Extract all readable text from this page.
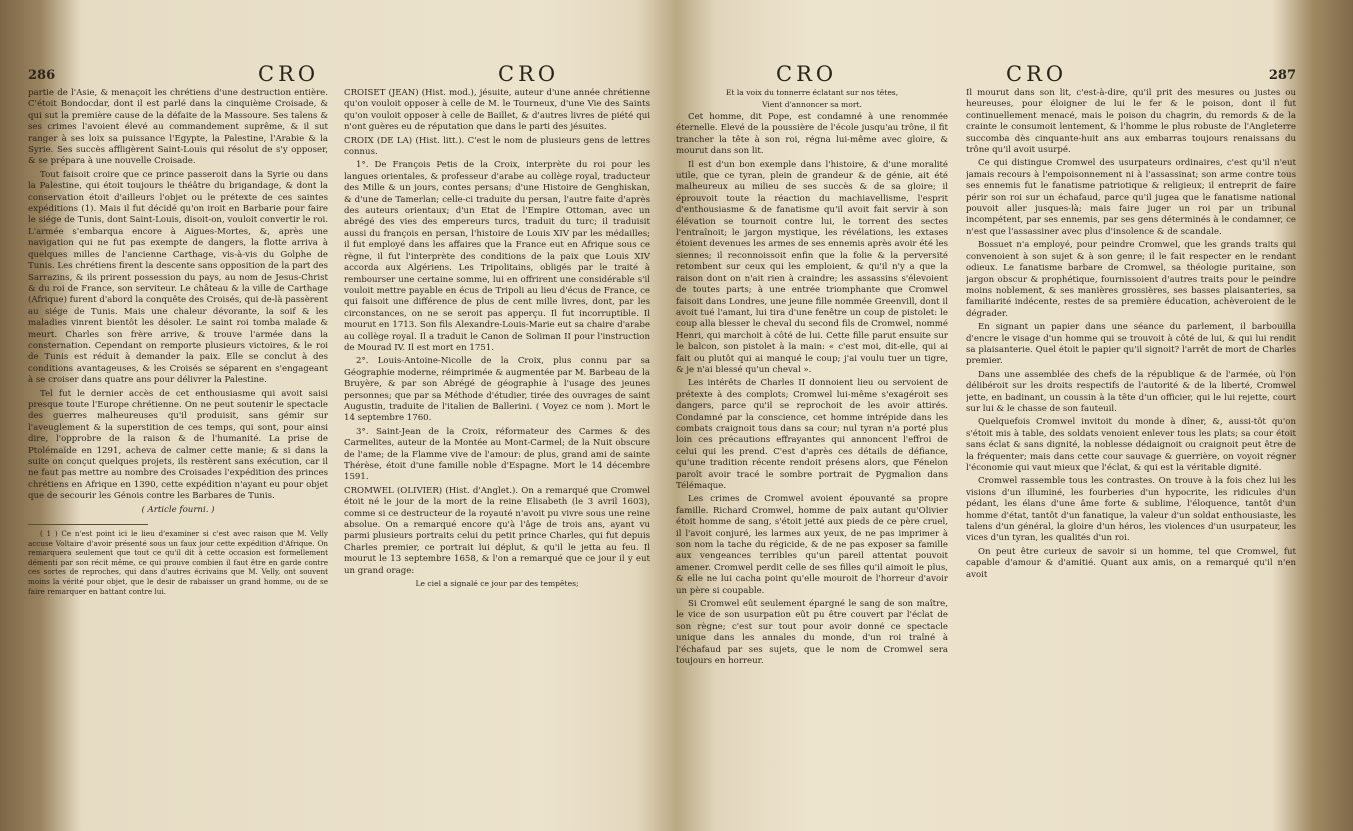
286	CRO	CRO

partie de l'Asie, & menaçoit les chrétiens d'une destruction entière. C'étoit Bondocdar, dont il est parlé dans la cinquième Croisade, & qui sut la première cause de la défaite de la Massoure. Ses talens & ses crimes l'avoient élevé au commandement suprême, & il sut ranger à ses loix sa puissance l'Egypte, la Palestine, l'Arabie & la Syrie. Ses succès affligèrent Saint-Louis qui résolut de s'y opposer, & se prépara à une nouvelle Croisade.

Tout faisoit croire que ce prince passeroit dans la Syrie ou dans la Palestine, qui étoit toujours le théâtre du brigandage, & dont la conservation étoit d'ailleurs l'objet ou le prétexte de ces saintes expéditions (1). Mais il fut décidé qu'on iroit en Barbarie pour faire le siége de Tunis, dont Saint-Louis, disoit-on, vouloit convertir le roi. L'armée s'embarqua encore à Aigues-Mortes, &, après une navigation qui ne fut pas exempte de dangers, la flotte arriva à quelques milles de l'ancienne Carthage, vis-à-vis du Golphe de Tunis. Les chrétiens firent la descente sans opposition de la part des Sarrazins, & ils prirent possession du pays, au nom de Jesus-Christ & du roi de France, son serviteur. Le château & la ville de Carthage (Afrique) furent d'abord la conquête des Croisés, qui de-là passèrent au siége de Tunis. Mais une chaleur dévorante, la soif & les maladies vinrent bientôt les désoler. Le saint roi tomba malade & meurt. Charles son frère arrive, & trouve l'armée dans la consternation. Cependant on remporte plusieurs victoires, & le roi de Tunis est réduit à demander la paix. Elle se conclut à des conditions avantageuses, & les Croisés se séparent en s'engageant à se croiser dans quatre ans pour délivrer la Palestine.

Tel fut le dernier accès de cet enthousiasme qui avoit saisi presque toute l'Europe chrétienne. On ne peut soutenir le spectacle des guerres malheureuses qu'il produisit, sans gémir sur l'aveuglement & la superstition de ces temps, qui sont, pour ainsi dire, l'opprobre de la raison & de l'humanité. La prise de Ptolémaïde en 1291, acheva de calmer cette manie; & si dans la suite on conçut quelques projets, ils restèrent sans exécution, car il ne faut pas mettre au nombre des Croisades l'expédition des princes chrétiens en Afrique en 1390, cette expédition n'ayant eu pour objet que de secourir les Génois contre les Barbares de Tunis.

( Article fourni. )

( 1 ) Ce n'est point ici le lieu d'examiner si c'est avec raison que M. Velly accuse Voltaire d'avoir présenté sous un faux jour cette expédition d'Afrique. On remarquera seulement que tout ce qu'il dit à cette occasion est formellement démenti par son récit même, ce qui prouve combien il faut être en garde contre ces sortes de reproches, qui dans d'autres écrivains que M. Velly, ont souvent moins la vérité pour objet, que le desir de rabaisser un grand homme, ou de se faire remarquer en battant contre lui.

CROISET (JEAN) (Hist. mod.), jésuite, auteur d'une année chrétienne qu'on vouloit opposer à celle de M. le Tourneux, d'une Vie des Saints qu'on vouloit opposer à celle de Baillet, & d'autres livres de piété qui n'ont guères eu de réputation que dans le parti des jésuites.

CROIX (DE LA) (Hist. litt.). C'est le nom de plusieurs gens de lettres connus.

1°. De François Petis de la Croix, interprète du roi pour les langues orientales, & professeur d'arabe au collège royal, traducteur des Mille & un jours, contes persans; d'une Histoire de Genghiskan, & d'une de Tamerlan; celle-ci traduite du persan, l'autre faite d'après des auteurs orientaux; d'un Etat de l'Empire Ottoman, avec un abrégé des vies des empereurs turcs, traduit du turc; il traduisit aussi du françois en persan, l'histoire de Louis XIV par les médailles; il fut employé dans les affaires que la France eut en Afrique sous ce règne, il fut l'interprète des conditions de la paix que Louis XIV accorda aux Algériens. Les Tripolitains, obligés par le traité à rembourser une certaine somme, lui en offrirent une considérable s'il vouloit mettre payable en écus de Tripoli au lieu d'écus de France, ce qui faisoit une différence de plus de cent mille livres, dont, par les circonstances, on ne se seroit pas apperçu. Il fut incorruptible. Il mourut en 1713. Son fils Alexandre-Louis-Marie eut sa chaire d'arabe au collège royal. Il a traduit le Canon de Soliman II pour l'instruction de Mourad IV. Il est mort en 1751.

2°. Louis-Antoine-Nicolle de la Croix, plus connu par sa Géographie moderne, réimprimée & augmentée par M. Barbeau de la Bruyère, & par son Abrégé de géographie à l'usage des jeunes personnes; que par sa Méthode d'étudier, tirée des ouvrages de saint Augustin, traduite de l'italien de Ballerini. ( Voyez ce nom ). Mort le 14 septembre 1760.

3°. Saint-Jean de la Croix, réformateur des Carmes & des Carmelites, auteur de la Montée au Mont-Carmel; de la Nuit obscure de l'ame; de la Flamme vive de l'amour: de plus, grand ami de sainte Thérèse, étoit d'une famille noble d'Espagne. Mort le 14 décembre 1591.

CROMWEL (OLIVIER) (Hist. d'Anglet.). On a remarqué que Cromwel étoit né le jour de la mort de la reine Elisabeth (le 3 avril 1603), comme si ce destructeur de la royauté n'avoit pu vivre sous une reine absolue. On a remarqué encore qu'à l'âge de trois ans, ayant vu parmi plusieurs portraits celui du petit prince Charles, qui fut depuis Charles premier, ce portrait lui déplut, & qu'il le jetta au feu. Il mourut le 13 septembre 1658, & l'on a remarqué que ce jour il y eut un grand orage:

Le ciel a signalé ce jour par des tempêtes;

CRO	CRO	287

Et la voix du tonnerre éclatant sur nos têtes,

Vient d'annoncer sa mort.

Cet homme, dit Pope, est condamné à une renommée éternelle. Elevé de la poussière de l'école jusqu'au trône, il fit trancher la tête à son roi, régna lui-même avec gloire, & mourut dans son lit.

Il est d'un bon exemple dans l'histoire, & d'une moralité utile, que ce tyran, plein de grandeur & de génie, ait été malheureux au milieu de ses succès & de sa gloire; il éprouvoit toute la réaction du machiavellisme, l'esprit d'enthousiasme & de fanatisme qu'il avoit fait servir à son élévation se tournoit contre lui, le torrent des sectes l'entraînoit; le jargon mystique, les révélations, les extases étoient devenues les armes de ses ennemis après avoir été les siennes; il reconnoissoit enfin que la folie & la perversité retombent sur ceux qui les emploient, & qu'il n'y a que la raison dont on n'ait rien à craindre; les assassins s'élevoient de toutes parts; à une entrée triomphante que Cromwel faisoit dans Londres, une jeune fille nommée Greenvill, dont il avoit tué l'amant, lui tira d'une fenêtre un coup de pistolet: le coup alla blesser le cheval du second fils de Cromwel, nommé Henri, qui marchoit à côté de lui. Cette fille parut ensuite sur le balcon, son pistolet à la main: « c'est moi, dit-elle, qui ai fait ou plutôt qui ai manqué le coup; j'ai voulu tuer un tigre, & je n'ai blessé qu'un cheval ».

Les intérêts de Charles II donnoient lieu ou servoient de prétexte à des complots; Cromwel lui-même s'exagéroit ses dangers, parce qu'il se reprochoit de les avoir attirés. Condamné par la conscience, cet homme intrépide dans les combats craignoit tous dans sa cour; nul tyran n'a porté plus loin ces précautions effrayantes qui annoncent l'effroi de celui qui les prend. C'est d'après ces détails de défiance, qu'une tradition récente rendoit présens alors, que Fénelon paroît avoir tracé le sombre portrait de Pygmalion dans Télémaque.

Les crimes de Cromwel avoient épouvanté sa propre famille. Richard Cromwel, homme de paix autant qu'Olivier étoit homme de sang, s'étoit jetté aux pieds de ce père cruel, il l'avoit conjuré, les larmes aux yeux, de ne pas imprimer à son nom la tache du régicide, & de ne pas exposer sa famille aux vengeances terribles qu'un pareil attentat pouvoit amener. Cromwel perdit celle de ses filles qu'il aimoit le plus, & elle ne lui cacha point qu'elle mouroit de l'horreur d'avoir un père si coupable.

Si Cromwel eût seulement épargné le sang de son maître, le vice de son usurpation eût pu être couvert par l'éclat de son règne; c'est sur tout pour avoir donné ce spectacle unique dans les annales du monde, d'un roi traîné à l'échafaud par ses sujets, que le nom de Cromwel sera toujours en horreur.

Il mourut dans son lit, c'est-à-dire, qu'il prit des mesures ou justes ou heureuses, pour éloigner de lui le fer & le poison, dont il fut continuellement menacé, mais le poison du chagrin, du remords & de la crainte le consumoit lentement, & l'homme le plus robuste de l'Angleterre succomba dès cinquante-huit ans aux embarras toujours renaissans du trône qu'il avoit usurpé.

Ce qui distingue Cromwel des usurpateurs ordinaires, c'est qu'il n'eut jamais recours à l'empoisonnement ni à l'assassinat; son arme contre tous ses ennemis fut le fanatisme patriotique & religieux; il entreprit de faire périr son roi sur un échafaud, parce qu'il jugea que le fanatisme national pouvoit aller jusques-là; mais faire juger un roi par un tribunal incompétent, par ses ennemis, par ses gens déterminés à le condamner, ce n'est que l'assassiner avec plus d'insolence & de scandale.

Bossuet n'a employé, pour peindre Cromwel, que les grands traits qui convenoient à son sujet & à son genre; il le fait respecter en le rendant odieux. Le fanatisme barbare de Cromwel, sa théologie puritaine, son jargon obscur & prophétique, fournissoient d'autres traits pour le peindre moins noblement, & ses manières grossières, ses basses plaisanteries, sa familiarité indécente, restes de sa première éducation, achèveroient de le dégrader.

En signant un papier dans une séance du parlement, il barbouilla d'encre le visage d'un homme qui se trouvoit à côté de lui, & qui lui rendit sa plaisanterie. Quel étoit le papier qu'il signoit? l'arrêt de mort de Charles premier.

Dans une assemblée des chefs de la république & de l'armée, où l'on délibéroit sur les droits respectifs de l'autorité & de la liberté, Cromwel jette, en badinant, un coussin à la tête d'un officier, qui le lui rejette, court sur lui & le chasse de son fauteuil.

Quelquefois Cromwel invitoit du monde à dîner, &, aussi-tôt qu'on s'étoit mis à table, des soldats venoient enlever tous les plats; sa cour étoit sans éclat & sans dignité, la noblesse dédaignoit ou craignoit peut être de la fréquenter; mais dans cette cour sauvage & guerrière, on voyoit régner l'économie qui vaut mieux que l'éclat, & qui est la véritable dignité.

Cromwel rassemble tous les contrastes. On trouve à la fois chez lui les visions d'un illuminé, les fourberies d'un hypocrite, les ridicules d'un pédant, les élans d'une âme forte & sublime, l'éloquence, tantôt d'un homme d'état, tantôt d'un fanatique, la valeur d'un soldat enthousiaste, les talens d'un général, la gloire d'un héros, les violences d'un usurpateur, les vices d'un tyran, les qualités d'un roi.

On peut être curieux de savoir si un homme, tel que Cromwel, fut capable d'amour & d'amitié. Quant aux amis, on a remarqué qu'il n'en avoit
